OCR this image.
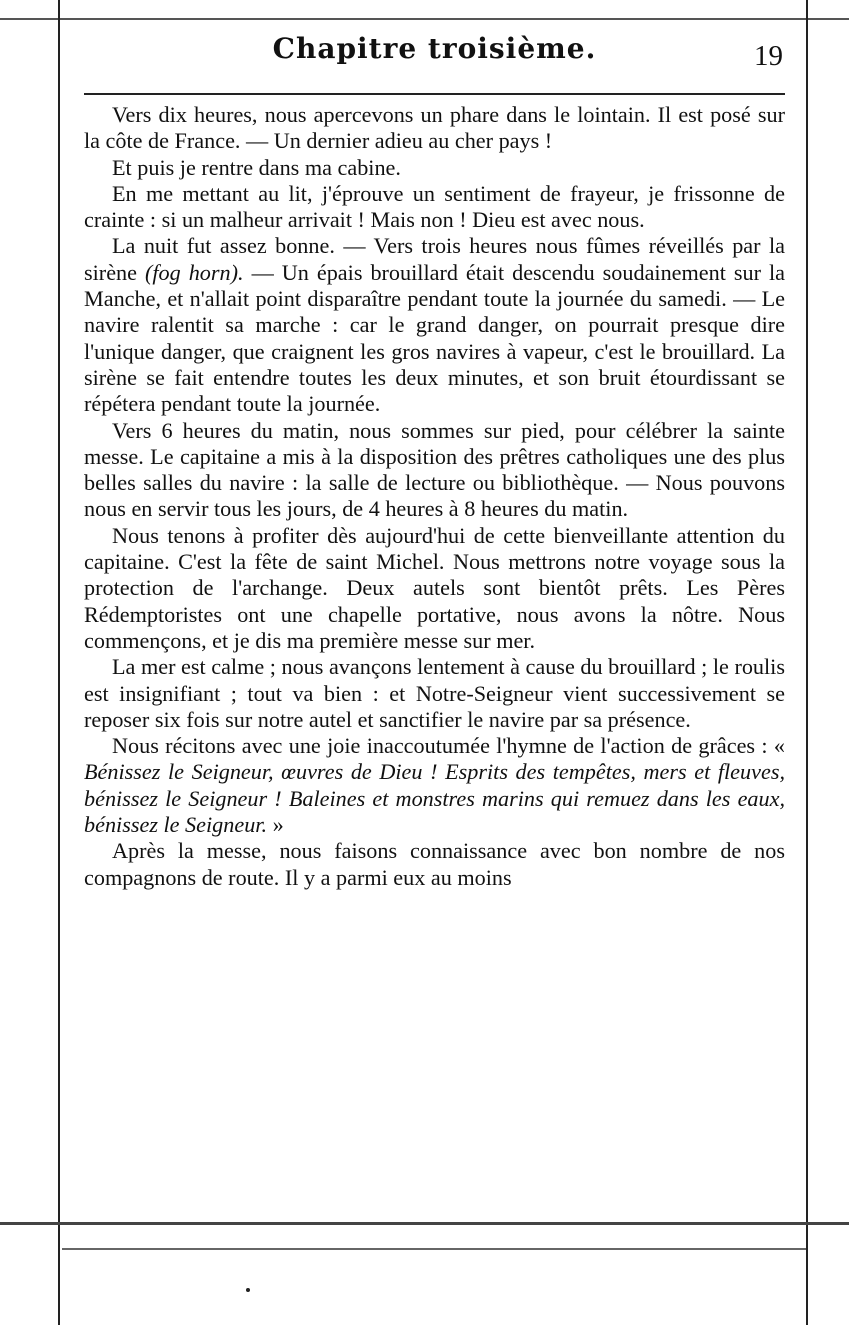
Chapitre troisième.	19

Vers dix heures, nous apercevons un phare dans le lointain. Il est posé sur la côte de France. — Un dernier adieu au cher pays !

Et puis je rentre dans ma cabine.

En me mettant au lit, j'éprouve un sentiment de frayeur, je frissonne de crainte : si un malheur arrivait ! Mais non ! Dieu est avec nous.

La nuit fut assez bonne. — Vers trois heures nous fûmes réveillés par la sirène (fog horn). — Un épais brouillard était descendu soudainement sur la Manche, et n'allait point disparaître pendant toute la journée du samedi. — Le navire ralentit sa marche : car le grand danger, on pourrait presque dire l'unique danger, que craignent les gros navires à vapeur, c'est le brouillard. La sirène se fait entendre toutes les deux minutes, et son bruit étourdissant se répétera pendant toute la journée.

Vers 6 heures du matin, nous sommes sur pied, pour célébrer la sainte messe. Le capitaine a mis à la disposition des prêtres catholiques une des plus belles salles du navire : la salle de lecture ou bibliothèque. — Nous pouvons nous en servir tous les jours, de 4 heures à 8 heures du matin.

Nous tenons à profiter dès aujourd'hui de cette bienveillante attention du capitaine. C'est la fête de saint Michel. Nous mettrons notre voyage sous la protection de l'archange. Deux autels sont bientôt prêts. Les Pères Rédemptoristes ont une chapelle portative, nous avons la nôtre. Nous commençons, et je dis ma première messe sur mer.

La mer est calme ; nous avançons lentement à cause du brouillard ; le roulis est insignifiant ; tout va bien : et Notre-Seigneur vient successivement se reposer six fois sur notre autel et sanctifier le navire par sa présence.

Nous récitons avec une joie inaccoutumée l'hymne de l'action de grâces : « Bénissez le Seigneur, œuvres de Dieu ! Esprits des tempêtes, mers et fleuves, bénissez le Seigneur ! Baleines et monstres marins qui remuez dans les eaux, bénissez le Seigneur. »

Après la messe, nous faisons connaissance avec bon nombre de nos compagnons de route. Il y a parmi eux au moins
